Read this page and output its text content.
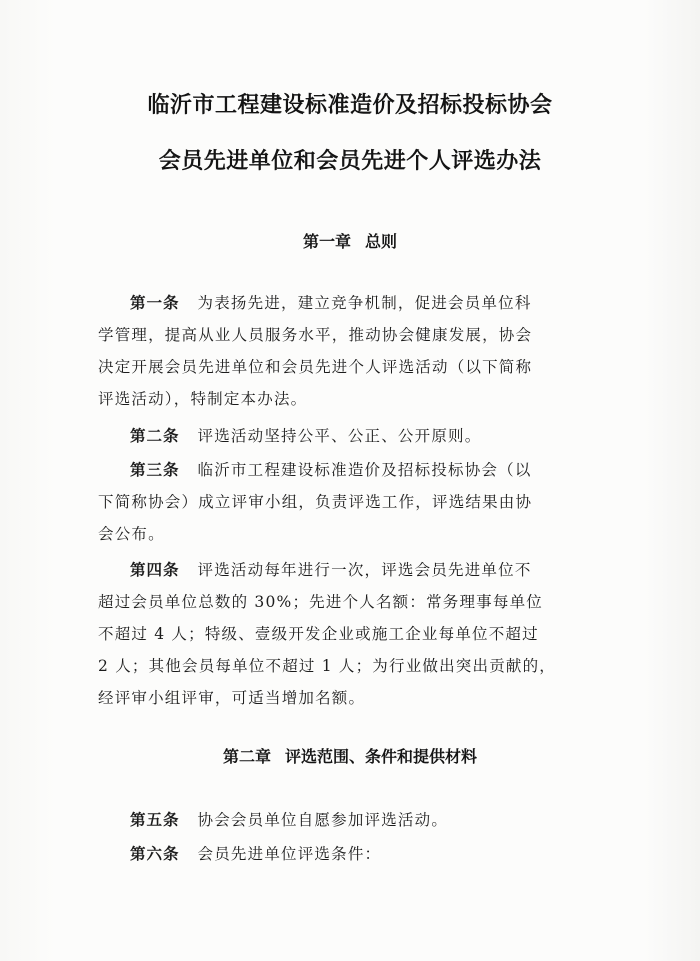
临沂市工程建设标准造价及招标投标协会
会员先进单位和会员先进个人评选办法
第一章 总则
第一条 为表扬先进，建立竞争机制，促进会员单位科
学管理，提高从业人员服务水平，推动协会健康发展，协会
决定开展会员先进单位和会员先进个人评选活动（以下简称
评选活动），特制定本办法。
第二条 评选活动坚持公平、公正、公开原则。
第三条 临沂市工程建设标准造价及招标投标协会（以
下简称协会）成立评审小组，负责评选工作，评选结果由协
会公布。
第四条 评选活动每年进行一次，评选会员先进单位不
超过会员单位总数的 30%；先进个人名额：常务理事每单位
不超过 4 人；特级、壹级开发企业或施工企业每单位不超过
2 人；其他会员每单位不超过 1 人；为行业做出突出贡献的，
经评审小组评审，可适当增加名额。
第二章 评选范围、条件和提供材料
第五条 协会会员单位自愿参加评选活动。
第六条 会员先进单位评选条件：
